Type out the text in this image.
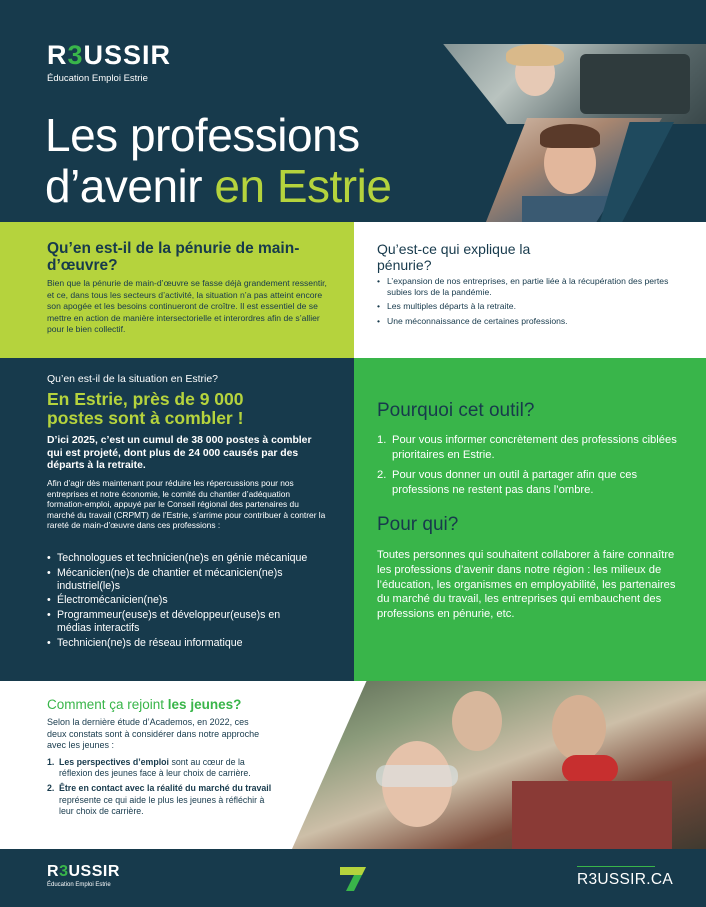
R3USSIR
Éducation Emploi Estrie
Les professions
d’avenir en Estrie
Qu’en est-il de la pénurie de main-d’œuvre?

Bien que la pénurie de main-d’œuvre se fasse déjà grandement ressentir, et ce, dans tous les secteurs d’activité, la situation n’a pas atteint encore son apogée et les besoins continueront de croître. Il est essentiel de se mettre en action de manière intersectorielle et interordres afin de s’allier pour le bien collectif.

Qu’est-ce qui explique la pénurie?
• L’expansion de nos entreprises, en partie liée à la récupération des pertes subies lors de la pandémie.
• Les multiples départs à la retraite.
• Une méconnaissance de certaines professions.
Qu’en est-il de la situation en Estrie?
En Estrie, près de 9 000 postes sont à combler !

D’ici 2025, c’est un cumul de 38 000 postes à combler qui est projeté, dont plus de 24 000 causés par des départs à la retraite.

Afin d’agir dès maintenant pour réduire les répercussions pour nos entreprises et notre économie, le comité du chantier d’adéquation formation-emploi, appuyé par le Conseil régional des partenaires du marché du travail (CRPMT) de l’Estrie, s’arrime pour contribuer à contrer la rareté de main-d’œuvre dans ces professions :

• Technologues et technicien(ne)s en génie mécanique
• Mécanicien(ne)s de chantier et mécanicien(ne)s industriel(le)s
• Électromécanicien(ne)s
• Programmeur(euse)s et développeur(euse)s en médias interactifs
• Technicien(ne)s de réseau informatique
Pourquoi cet outil?
1. Pour vous informer concrètement des professions ciblées prioritaires en Estrie.
2. Pour vous donner un outil à partager afin que ces professions ne restent pas dans l’ombre.
Pour qui?

Toutes personnes qui souhaitent collaborer à faire connaître les professions d’avenir dans notre région : les milieux de l’éducation, les organismes en employabilité, les partenaires du marché du travail, les entreprises qui embauchent des professions en pénurie, etc.

Comment ça rejoint les jeunes?

Selon la dernière étude d’Academos, en 2022, ces deux constats sont à considérer dans notre approche avec les jeunes :

1. Les perspectives d’emploi sont au cœur de la réflexion des jeunes face à leur choix de carrière.
2. Être en contact avec la réalité du marché du travail représente ce qui aide le plus les jeunes à réfléchir à leur choix de carrière.
R3USSIR
Éducation Emploi Estrie	R3USSIR.CA
